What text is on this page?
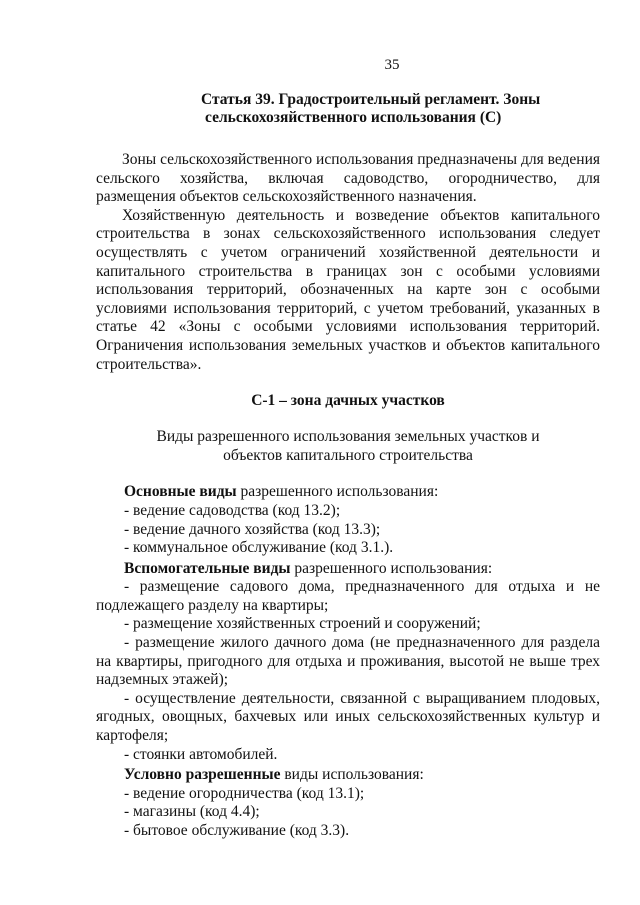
35
Статья 39. Градостроительный регламент. Зоны
сельскохозяйственного использования (С)

Зоны сельскохозяйственного использования предназначены для ведения сельского хозяйства, включая садоводство, огородничество, для размещения объектов сельскохозяйственного назначения.

Хозяйственную деятельность и возведение объектов капитального строительства в зонах сельскохозяйственного использования следует осуществлять с учетом ограничений хозяйственной деятельности и капитального строительства в границах зон с особыми условиями использования территорий, обозначенных на карте зон с особыми условиями использования территорий, с учетом требований, указанных в статье 42 «Зоны с особыми условиями использования территорий. Ограничения использования земельных участков и объектов капитального строительства».

С-1 – зона дачных участков
Виды разрешенного использования земельных участков и
объектов капитального строительства

Основные виды разрешенного использования:

- ведение садоводства (код 13.2);

- ведение дачного хозяйства (код 13.3);

- коммунальное обслуживание (код 3.1.).

Вспомогательные виды разрешенного использования:

- размещение садового дома, предназначенного для отдыха и не подлежащего разделу на квартиры;

- размещение хозяйственных строений и сооружений;

- размещение жилого дачного дома (не предназначенного для раздела на квартиры, пригодного для отдыха и проживания, высотой не выше трех надземных этажей);

- осуществление деятельности, связанной с выращиванием плодовых, ягодных, овощных, бахчевых или иных сельскохозяйственных культур и картофеля;

- стоянки автомобилей.

Условно разрешенные виды использования:

- ведение огородничества (код 13.1);

- магазины (код 4.4);

- бытовое обслуживание (код 3.3).
